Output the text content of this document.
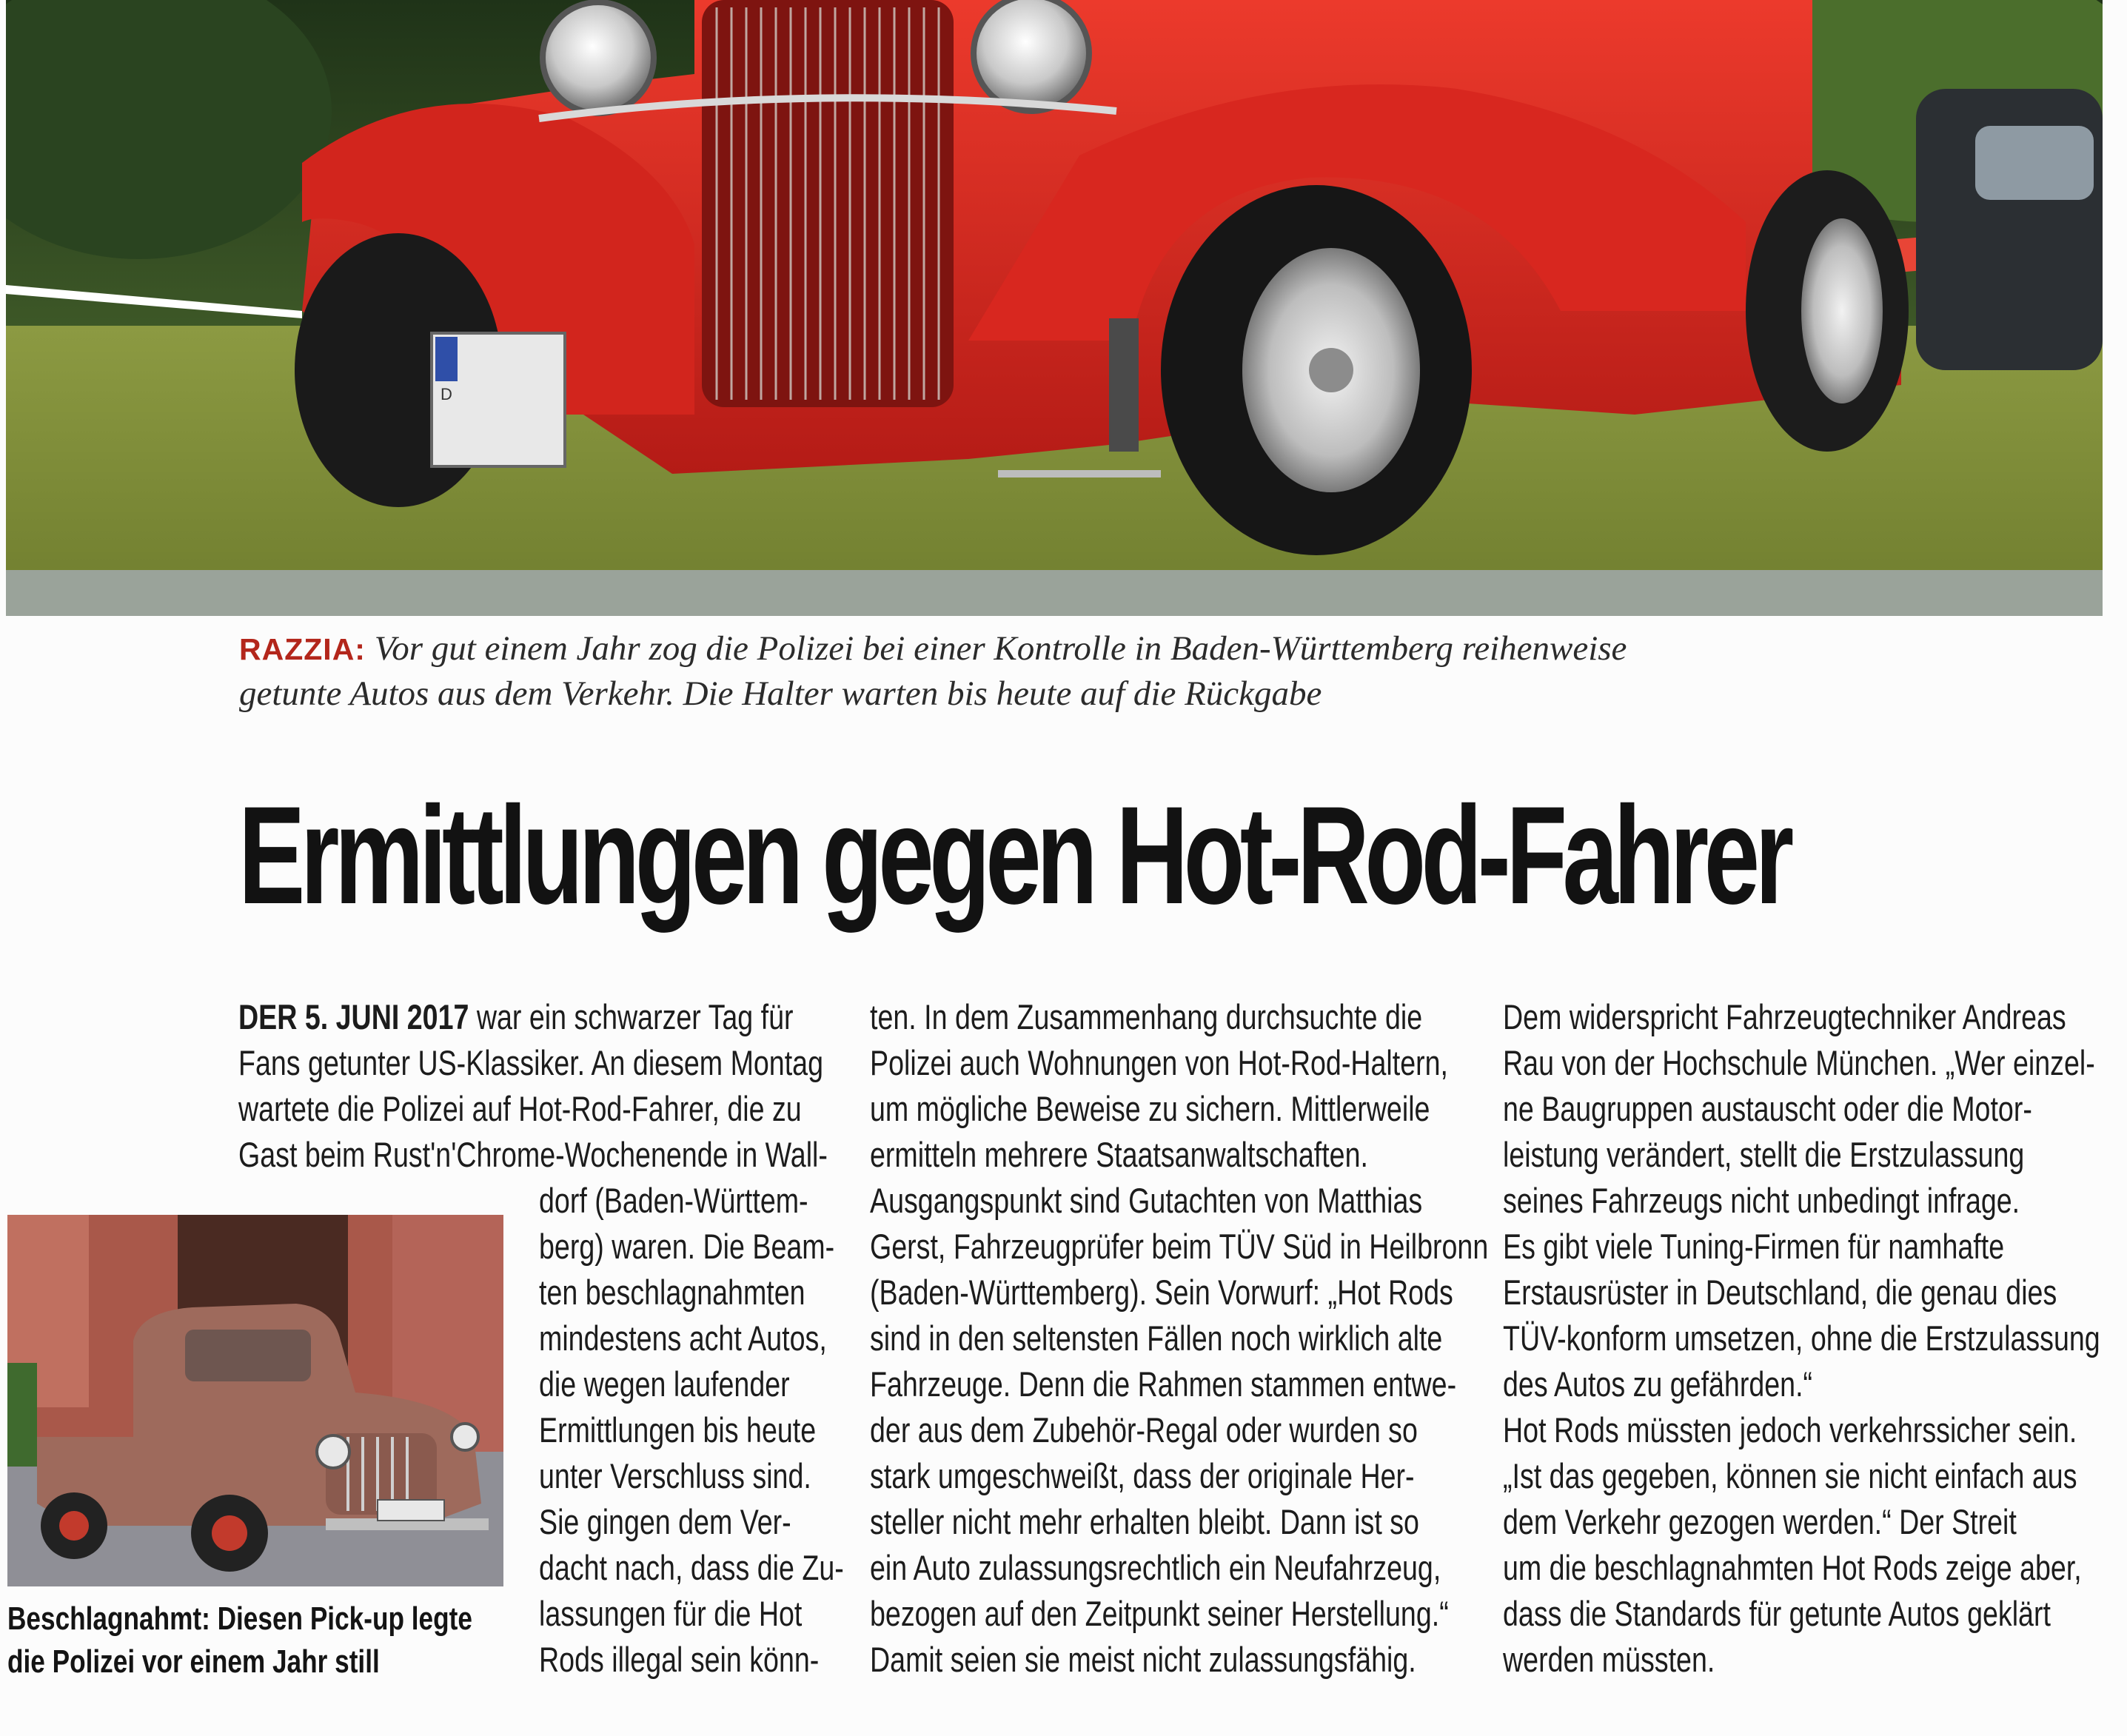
D
RAZZIA: Vor gut einem Jahr zog die Polizei bei einer Kontrolle in Baden-Württemberg reihenweise
getunte Autos aus dem Verkehr. Die Halter warten bis heute auf die Rückgabe
Ermittlungen gegen Hot-Rod-Fahrer
DER 5. JUNI 2017 war ein schwarzer Tag für
Fans getunter US-Klassiker. An diesem Montag
wartete die Polizei auf Hot-Rod-Fahrer, die zu
Gast beim Rust'n'Chrome-Wochenende in Wall-
dorf (Baden-Württem-
berg) waren. Die Beam-
ten beschlagnahmten
mindestens acht Autos,
die wegen laufender
Ermittlungen bis heute
unter Verschluss sind.
Sie gingen dem Ver-
dacht nach, dass die Zu-
lassungen für die Hot
Rods illegal sein könn-
Beschlagnahmt: Diesen Pick-up legte
die Polizei vor einem Jahr still
ten. In dem Zusammenhang durchsuchte die
Polizei auch Wohnungen von Hot-Rod-Haltern,
um mögliche Beweise zu sichern. Mittlerweile
ermitteln mehrere Staatsanwaltschaften.
Ausgangspunkt sind Gutachten von Matthias
Gerst, Fahrzeugprüfer beim TÜV Süd in Heilbronn
(Baden-Württemberg). Sein Vorwurf: „Hot Rods
sind in den seltensten Fällen noch wirklich alte
Fahrzeuge. Denn die Rahmen stammen entwe-
der aus dem Zubehör-Regal oder wurden so
stark umgeschweißt, dass der originale Her-
steller nicht mehr erhalten bleibt. Dann ist so
ein Auto zulassungsrechtlich ein Neufahrzeug,
bezogen auf den Zeitpunkt seiner Herstellung.“
Damit seien sie meist nicht zulassungsfähig.
Dem widerspricht Fahrzeugtechniker Andreas
Rau von der Hochschule München. „Wer einzel-
ne Baugruppen austauscht oder die Motor-
leistung verändert, stellt die Erstzulassung
seines Fahrzeugs nicht unbedingt infrage.
Es gibt viele Tuning-Firmen für namhafte
Erstausrüster in Deutschland, die genau dies
TÜV-konform umsetzen, ohne die Erstzulassung
des Autos zu gefährden.“
Hot Rods müssten jedoch verkehrssicher sein.
„Ist das gegeben, können sie nicht einfach aus
dem Verkehr gezogen werden.“ Der Streit
um die beschlagnahmten Hot Rods zeige aber,
dass die Standards für getunte Autos geklärt
werden müssten.
